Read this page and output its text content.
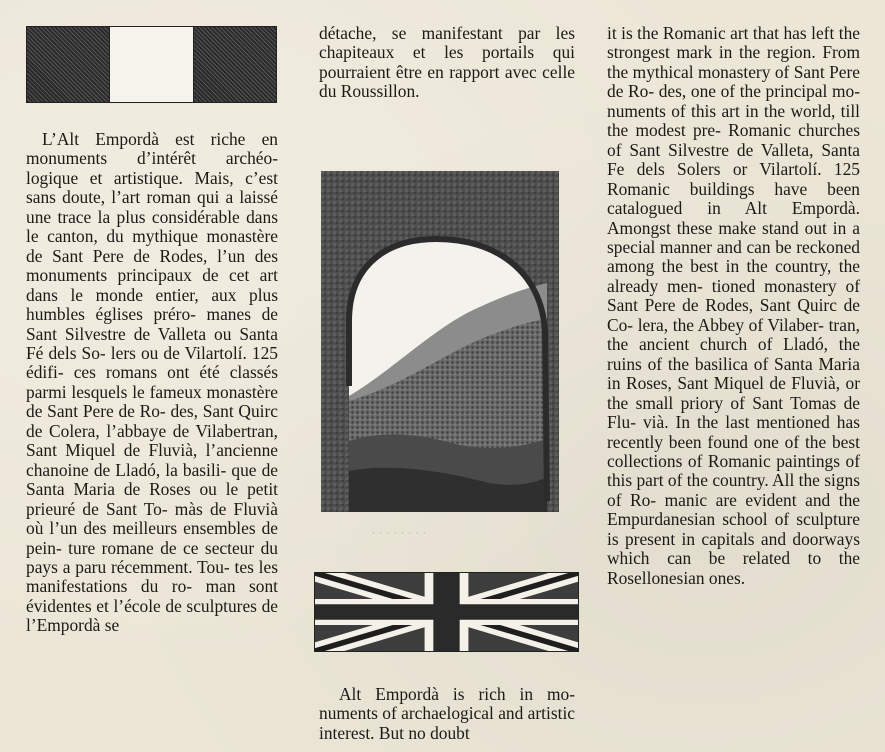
L’Alt Empordà est riche en monuments d’intérêt archéo- logique et artistique. Mais, c’est sans doute, l’art roman qui a laissé une trace la plus considérable dans le canton, du mythique monastère de Sant Pere de Rodes, l’un des monuments principaux de cet art dans le monde entier, aux plus humbles églises préro- manes de Sant Silvestre de Valleta ou Santa Fé dels So- lers ou de Vilartolí. 125 édifi- ces romans ont été classés parmi lesquels le fameux monastère de Sant Pere de Ro- des, Sant Quirc de Colera, l’abbaye de Vilabertran, Sant Miquel de Fluvià, l’ancienne chanoine de Lladó, la basili- que de Santa Maria de Roses ou le petit prieuré de Sant To- màs de Fluvià où l’un des meilleurs ensembles de pein- ture romane de ce secteur du pays a paru récemment. Tou- tes les manifestations du ro- man sont évidentes et l’école de sculptures de l’Empordà se
détache, se manifestant par les chapiteaux et les portails qui pourraient être en rapport avec celle du Roussillon.
· · · · · · · ·
Alt Empordà is rich in mo- numents of archaelogical and artistic interest. But no doubt
it is the Romanic art that has left the strongest mark in the region. From the mythical monastery of Sant Pere de Ro- des, one of the principal mo- numents of this art in the world, till the modest pre- Romanic churches of Sant Silvestre de Valleta, Santa Fe dels Solers or Vilartolí. 125 Romanic buildings have been catalogued in Alt Empordà. Amongst these make stand out in a special manner and can be reckoned among the best in the country, the already men- tioned monastery of Sant Pere de Rodes, Sant Quirc de Co- lera, the Abbey of Vilaber- tran, the ancient church of Lladó, the ruins of the basilica of Santa Maria in Roses, Sant Miquel de Fluvià, or the small priory of Sant Tomas de Flu- vià. In the last mentioned has recently been found one of the best collections of Romanic paintings of this part of the country. All the signs of Ro- manic are evident and the Empurdanesian school of sculpture is present in capitals and doorways which can be related to the Rosellonesian ones.
